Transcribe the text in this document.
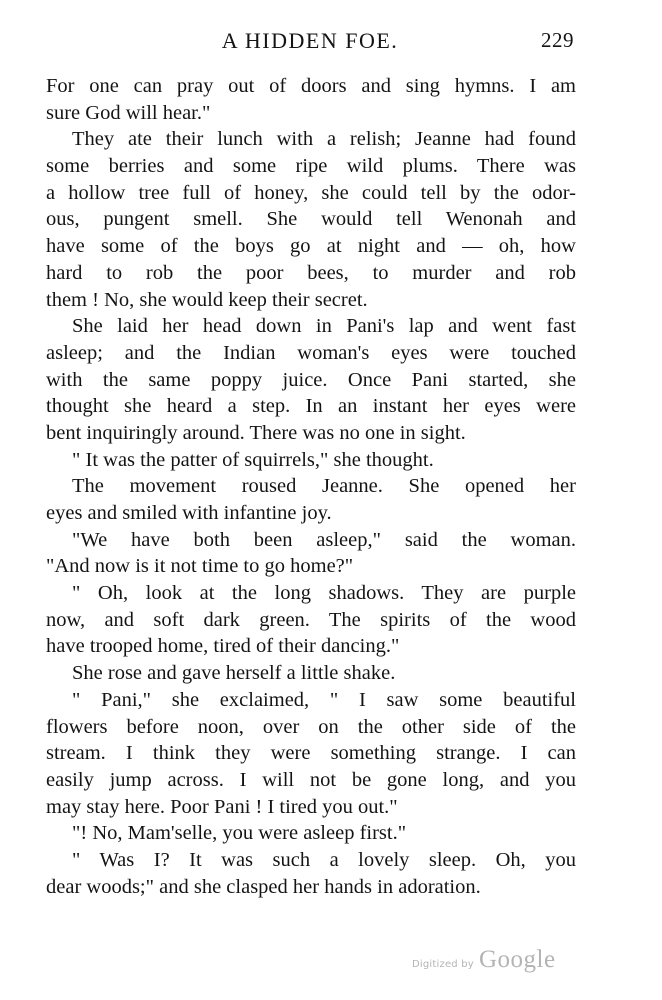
A HIDDEN FOE.	229
For one can pray out of doors and sing hymns. I am
sure God will hear."
They ate their lunch with a relish; Jeanne had found
some berries and some ripe wild plums. There was
a hollow tree full of honey, she could tell by the odor-
ous, pungent smell. She would tell Wenonah and
have some of the boys go at night and — oh, how
hard to rob the poor bees, to murder and rob
them ! No, she would keep their secret.
She laid her head down in Pani's lap and went fast
asleep; and the Indian woman's eyes were touched
with the same poppy juice. Once Pani started, she
thought she heard a step. In an instant her eyes were
bent inquiringly around. There was no one in sight.
" It was the patter of squirrels," she thought.
The movement roused Jeanne. She opened her
eyes and smiled with infantine joy.
"We have both been asleep," said the woman.
"And now is it not time to go home?"
" Oh, look at the long shadows. They are purple
now, and soft dark green. The spirits of the wood
have trooped home, tired of their dancing."
She rose and gave herself a little shake.
" Pani," she exclaimed, " I saw some beautiful
flowers before noon, over on the other side of the
stream. I think they were something strange. I can
easily jump across. I will not be gone long, and you
may stay here. Poor Pani ! I tired you out."
"! No, Mam'selle, you were asleep first."
" Was I? It was such a lovely sleep. Oh, you
dear woods;" and she clasped her hands in adoration.
Digitized by Google
